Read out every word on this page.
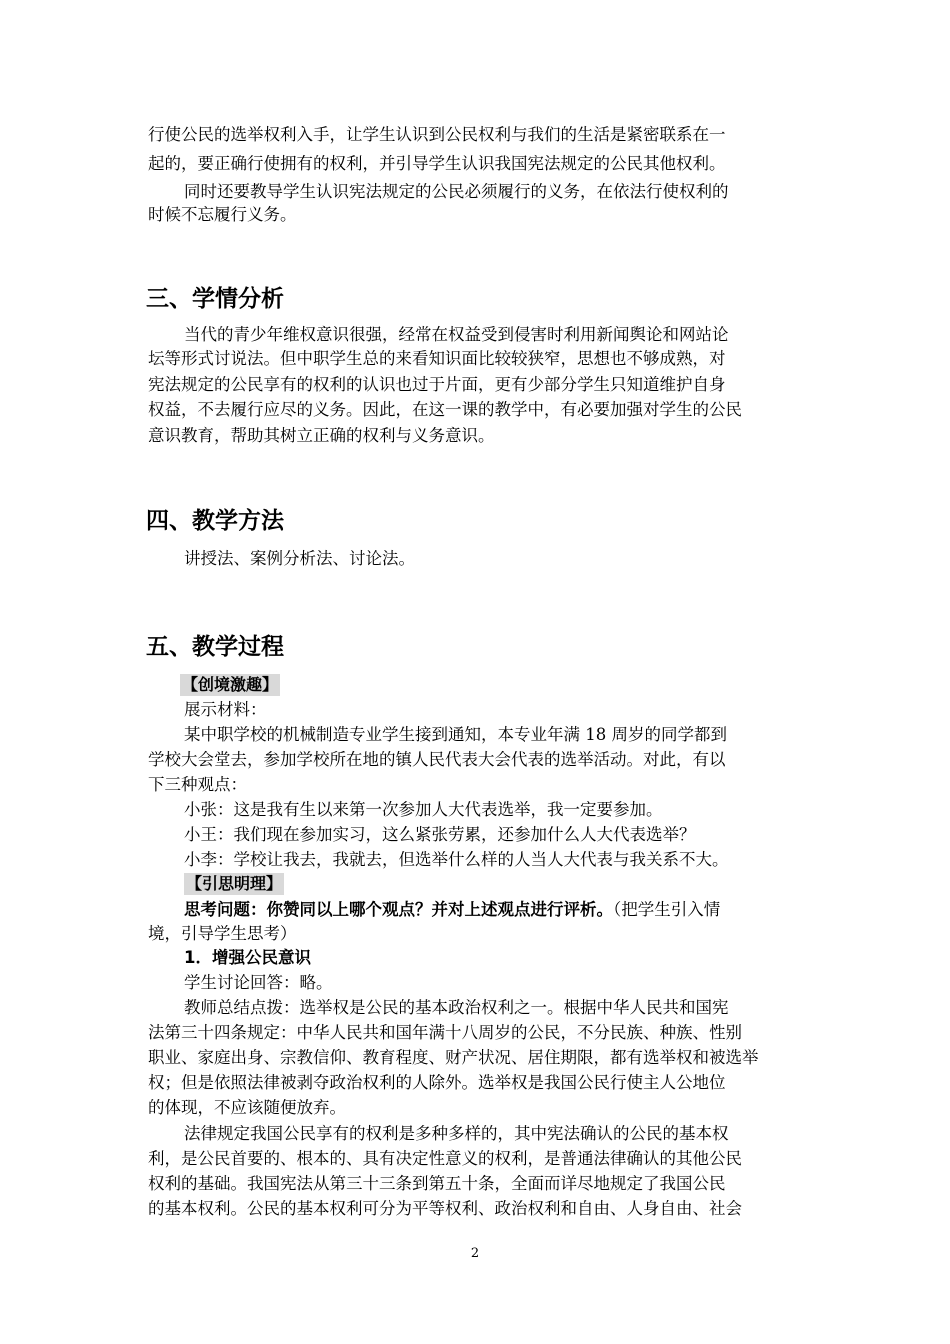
行使公民的选举权利入手，让学生认识到公民权利与我们的生活是紧密联系在一
起的，要正确行使拥有的权利，并引导学生认识我国宪法规定的公民其他权利。
同时还要教导学生认识宪法规定的公民必须履行的义务，在依法行使权利的
时候不忘履行义务。
三、学情分析
当代的青少年维权意识很强，经常在权益受到侵害时利用新闻舆论和网站论
坛等形式讨说法。但中职学生总的来看知识面比较较狭窄，思想也不够成熟，对
宪法规定的公民享有的权利的认识也过于片面，更有少部分学生只知道维护自身
权益，不去履行应尽的义务。因此，在这一课的教学中，有必要加强对学生的公民
意识教育，帮助其树立正确的权利与义务意识。
四、教学方法
讲授法、案例分析法、讨论法。
五、教学过程
【创境激趣】
展示材料：
某中职学校的机械制造专业学生接到通知，本专业年满 18 周岁的同学都到
学校大会堂去，参加学校所在地的镇人民代表大会代表的选举活动。对此，有以
下三种观点：
小张：这是我有生以来第一次参加人大代表选举，我一定要参加。
小王：我们现在参加实习，这么紧张劳累，还参加什么人大代表选举？
小李：学校让我去，我就去，但选举什么样的人当人大代表与我关系不大。
【引思明理】
思考问题：你赞同以上哪个观点？并对上述观点进行评析。（把学生引入情
境，引导学生思考）
1．增强公民意识
学生讨论回答：略。
教师总结点拨：选举权是公民的基本政治权利之一。根据中华人民共和国宪
法第三十四条规定：中华人民共和国年满十八周岁的公民，不分民族、种族、性别
职业、家庭出身、宗教信仰、教育程度、财产状况、居住期限，都有选举权和被选举
权；但是依照法律被剥夺政治权利的人除外。选举权是我国公民行使主人公地位
的体现，不应该随便放弃。
法律规定我国公民享有的权利是多种多样的，其中宪法确认的公民的基本权
利，是公民首要的、根本的、具有决定性意义的权利，是普通法律确认的其他公民
权利的基础。我国宪法从第三十三条到第五十条，全面而详尽地规定了我国公民
的基本权利。公民的基本权利可分为平等权利、政治权利和自由、人身自由、社会
2
